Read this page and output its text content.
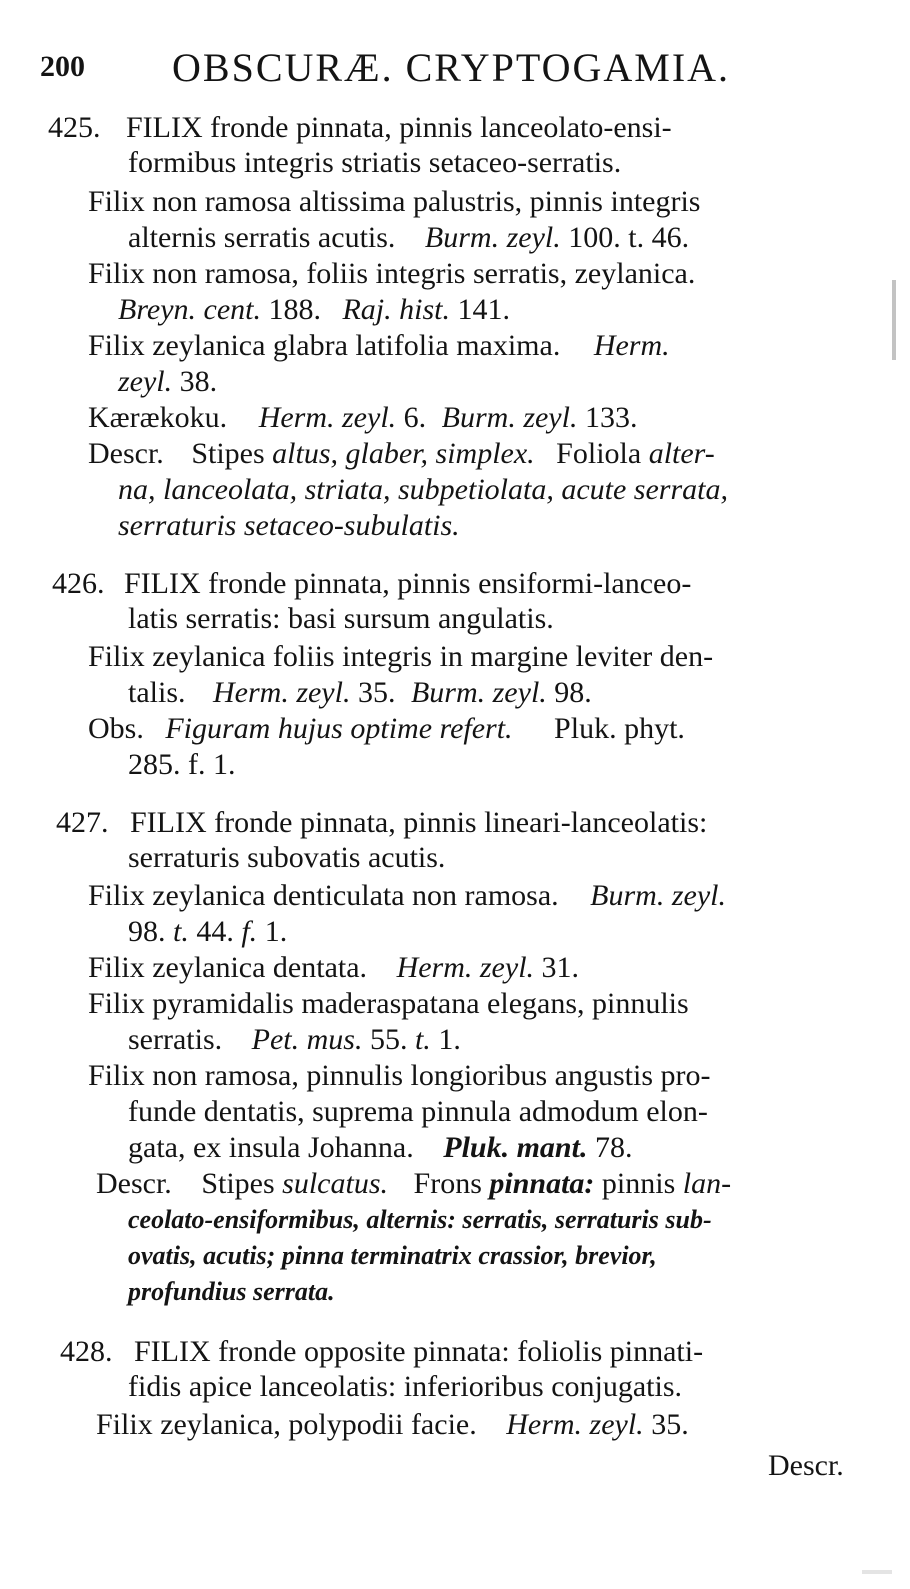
200 OBSCURÆ. CRYPTOGAMIA.
425. FILIX fronde pinnata, pinnis lanceolato-ensi-
formibus integris striatis setaceo-serratis.
Filix non ramosa altissima palustris, pinnis integris
alternis serratis acutis. Burm. zeyl. 100. t. 46.
Filix non ramosa, foliis integris serratis, zeylanica.
Breyn. cent. 188. Raj. hist. 141.
Filix zeylanica glabra latifolia maxima. Herm.
zeyl. 38.
Kærækoku. Herm. zeyl. 6. Burm. zeyl. 133.
Descr. Stipes altus, glaber, simplex. Foliola alter-
na, lanceolata, striata, subpetiolata, acute serrata,
serraturis setaceo-subulatis.
426. FILIX fronde pinnata, pinnis ensiformi-lanceo-
latis serratis: basi sursum angulatis.
Filix zeylanica foliis integris in margine leviter den-
talis. Herm. zeyl. 35. Burm. zeyl. 98.
Obs. Figuram hujus optime refert. Pluk. phyt.
285. f. 1.
427. FILIX fronde pinnata, pinnis lineari-lanceolatis:
serraturis subovatis acutis.
Filix zeylanica denticulata non ramosa. Burm. zeyl.
98. t. 44. f. 1.
Filix zeylanica dentata. Herm. zeyl. 31.
Filix pyramidalis maderaspatana elegans, pinnulis
serratis. Pet. mus. 55. t. 1.
Filix non ramosa, pinnulis longioribus angustis pro-
funde dentatis, suprema pinnula admodum elon-
gata, ex insula Johanna. Pluk. mant. 78.
Descr. Stipes sulcatus. Frons pinnata: pinnis lan-
ceolato-ensiformibus, alternis: serratis, serraturis sub-
ovatis, acutis; pinna terminatrix crassior, brevior,
profundius serrata.
428. FILIX fronde opposite pinnata: foliolis pinnati-
fidis apice lanceolatis: inferioribus conjugatis.
Filix zeylanica, polypodii facie. Herm. zeyl. 35.
Descr.
